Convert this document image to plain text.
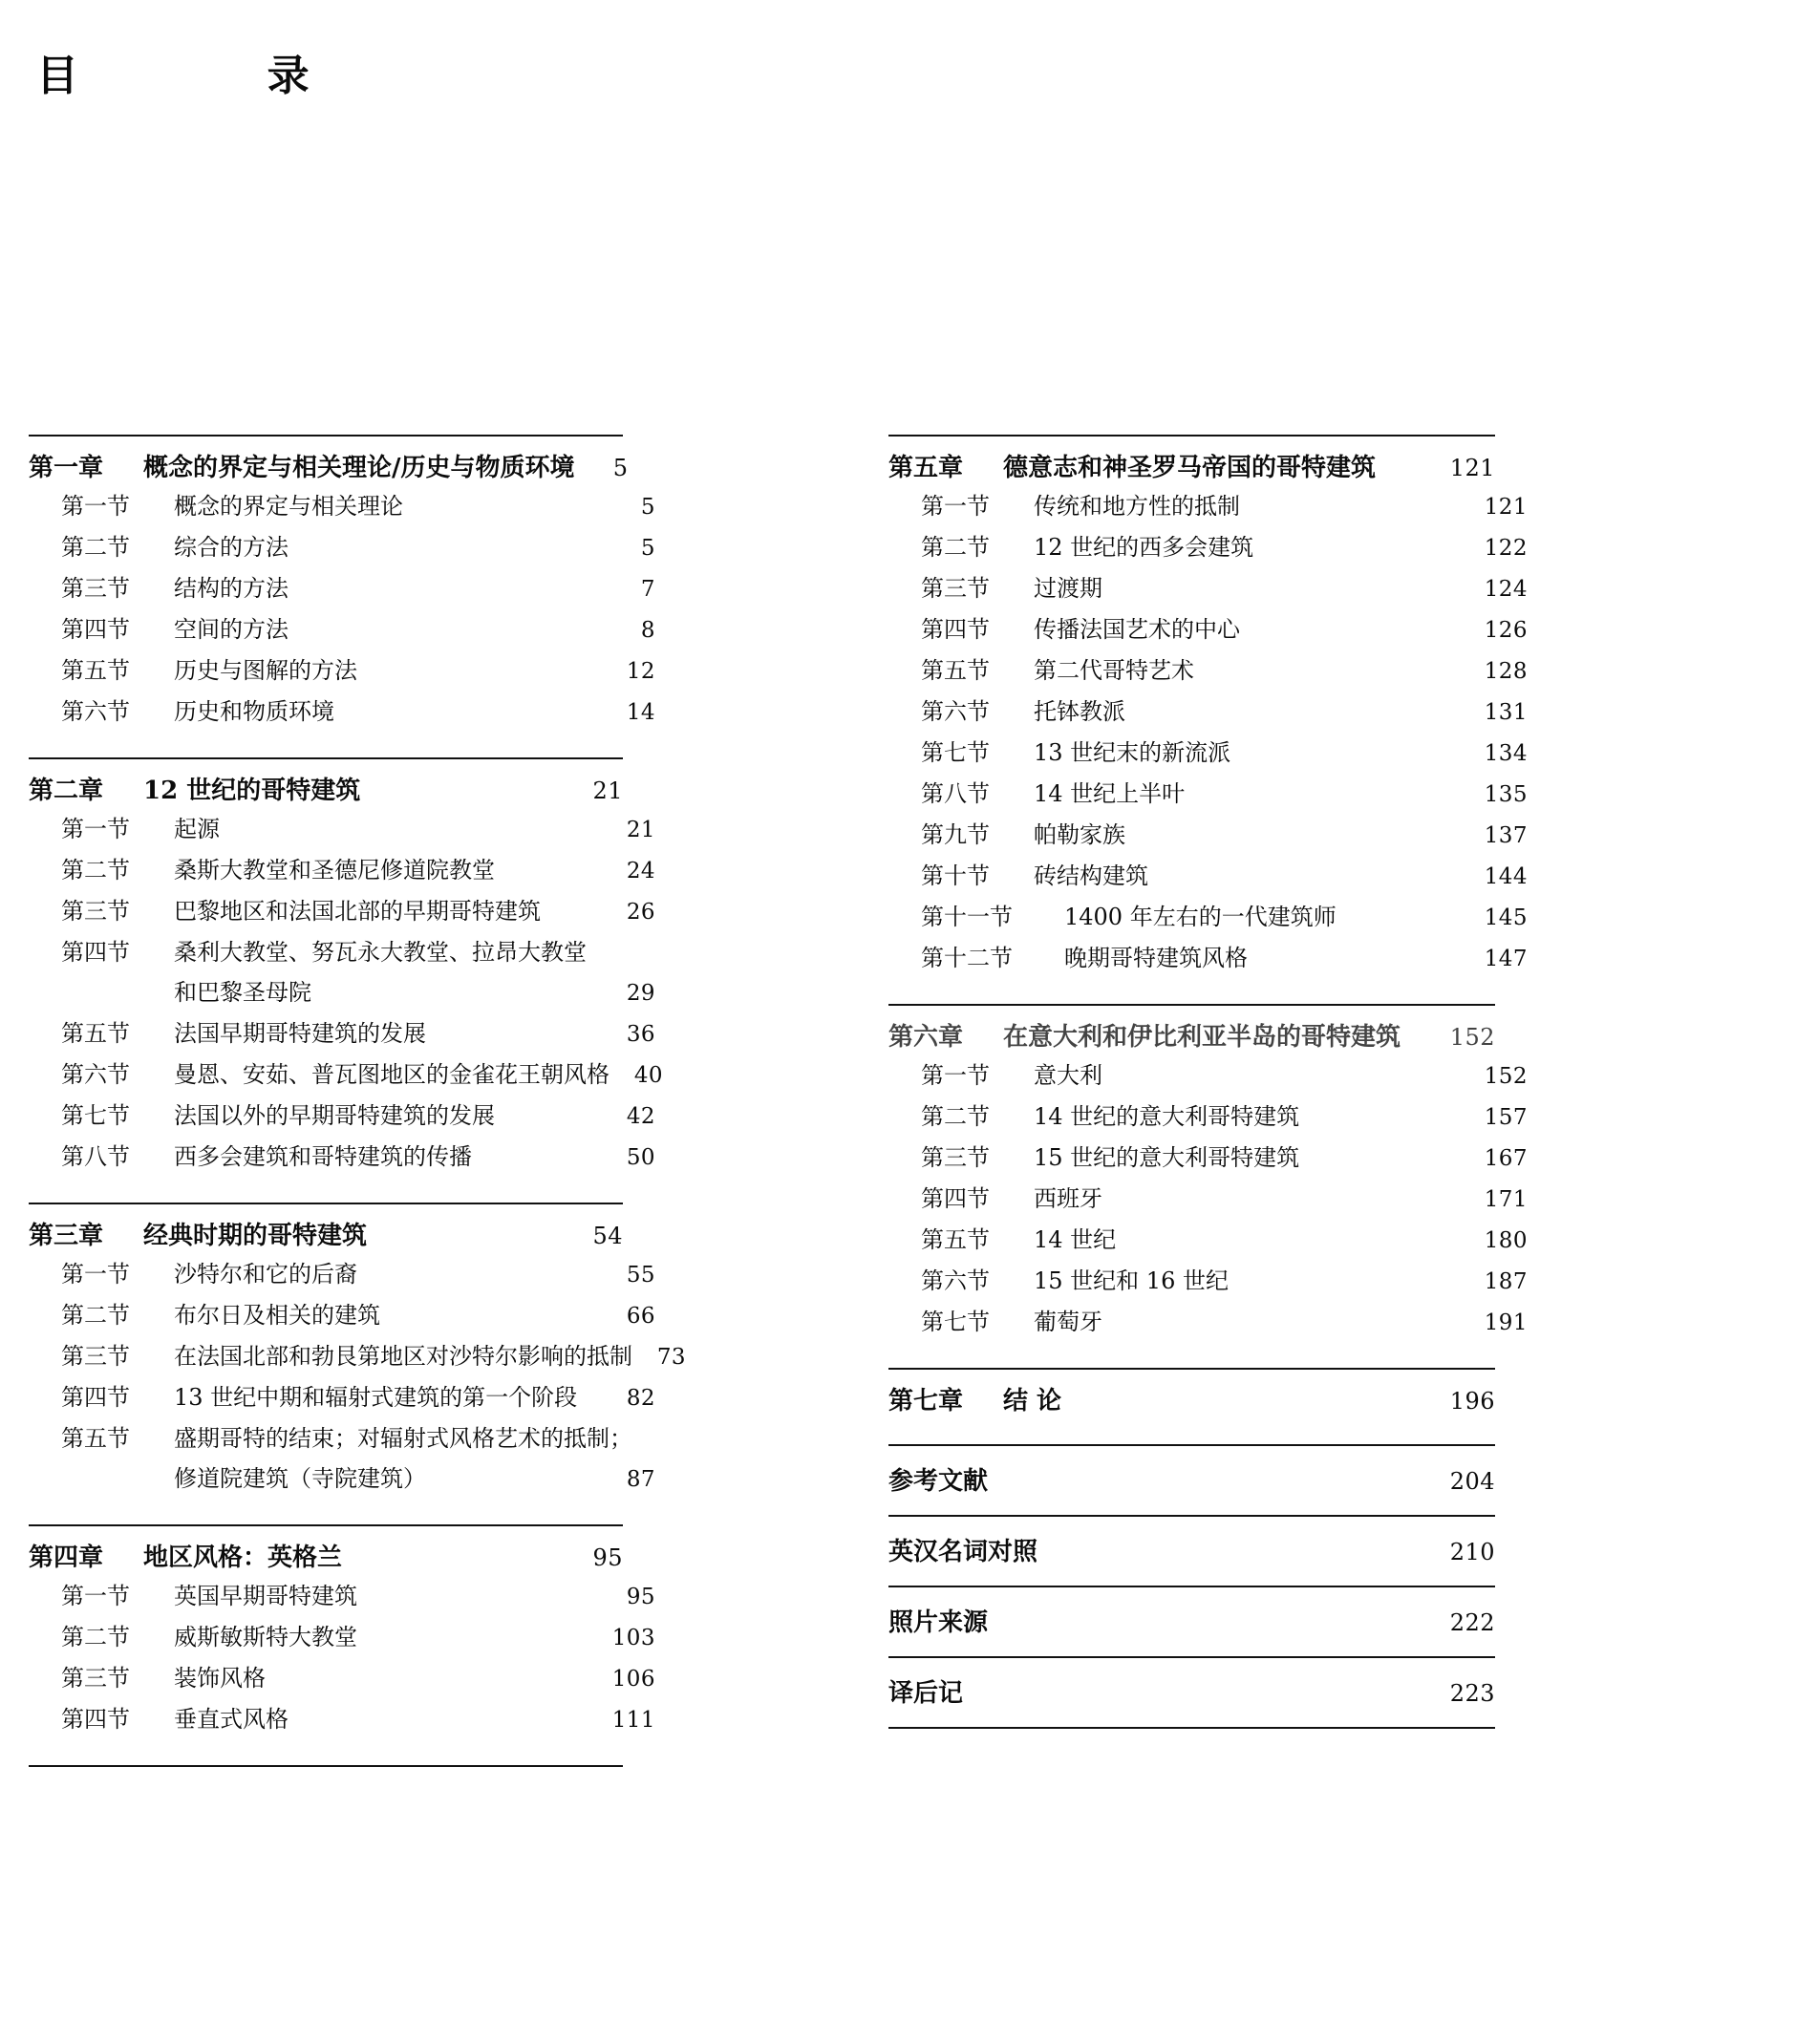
目    录
第一章 概念的界定与相关理论/历史与物质环境	5
第一节 概念的界定与相关理论	5
第二节 综合的方法	5
第三节 结构的方法	7
第四节 空间的方法	8
第五节 历史与图解的方法	12
第六节 历史和物质环境	14
第二章 12 世纪的哥特建筑	21
第一节 起源	21
第二节 桑斯大教堂和圣德尼修道院教堂	24
第三节 巴黎地区和法国北部的早期哥特建筑	26
第四节 桑利大教堂、努瓦永大教堂、拉昂大教堂
和巴黎圣母院	29
第五节 法国早期哥特建筑的发展	36
第六节 曼恩、安茹、普瓦图地区的金雀花王朝风格	40
第七节 法国以外的早期哥特建筑的发展	42
第八节 西多会建筑和哥特建筑的传播	50
第三章 经典时期的哥特建筑	54
第一节 沙特尔和它的后裔	55
第二节 布尔日及相关的建筑	66
第三节 在法国北部和勃艮第地区对沙特尔影响的抵制	73
第四节 13 世纪中期和辐射式建筑的第一个阶段	82
第五节 盛期哥特的结束；对辐射式风格艺术的抵制；
修道院建筑（寺院建筑）	87
第四章 地区风格：英格兰	95
第一节 英国早期哥特建筑	95
第二节 威斯敏斯特大教堂	103
第三节 装饰风格	106
第四节 垂直式风格	111
第五章 德意志和神圣罗马帝国的哥特建筑	121
第一节 传统和地方性的抵制	121
第二节 12 世纪的西多会建筑	122
第三节 过渡期	124
第四节 传播法国艺术的中心	126
第五节 第二代哥特艺术	128
第六节 托钵教派	131
第七节 13 世纪末的新流派	134
第八节 14 世纪上半叶	135
第九节 帕勒家族	137
第十节 砖结构建筑	144
第十一节 1400 年左右的一代建筑师	145
第十二节 晚期哥特建筑风格	147
第六章 在意大利和伊比利亚半岛的哥特建筑	152
第一节 意大利	152
第二节 14 世纪的意大利哥特建筑	157
第三节 15 世纪的意大利哥特建筑	167
第四节 西班牙	171
第五节 14 世纪	180
第六节 15 世纪和 16 世纪	187
第七节 葡萄牙	191
第七章 结 论	196
参考文献	204
英汉名词对照	210
照片来源	222
译后记	223
